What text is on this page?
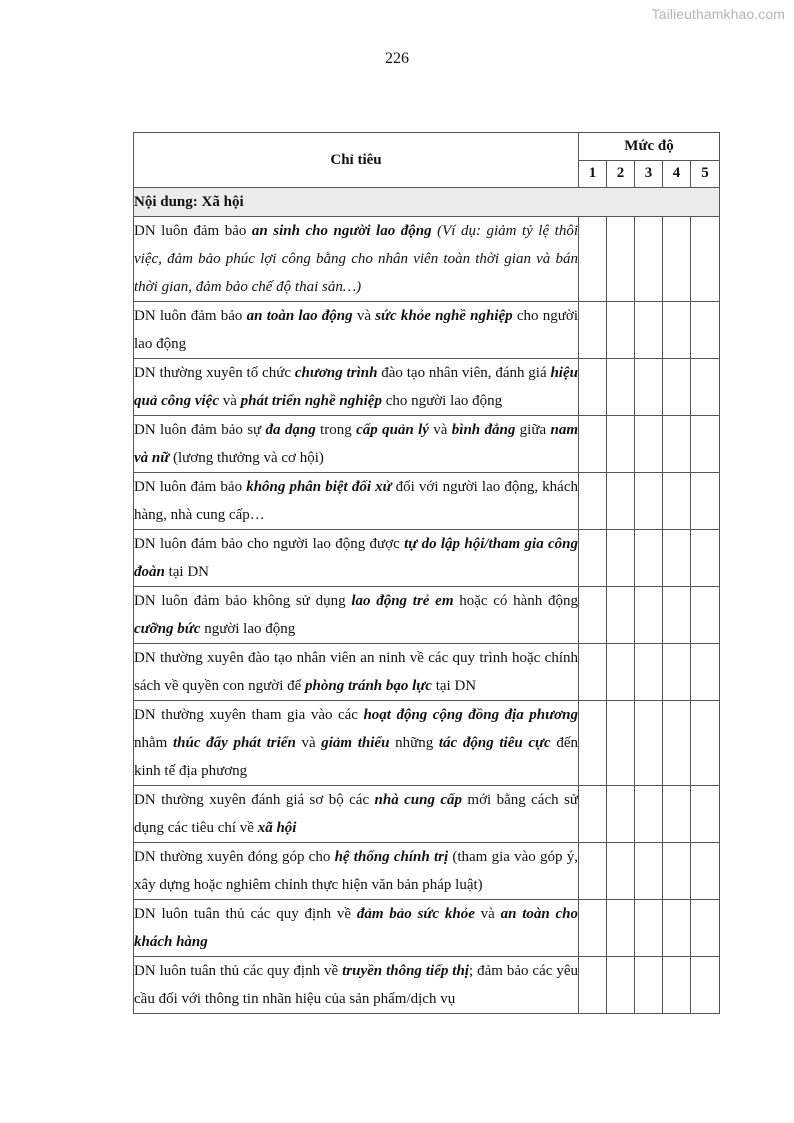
Tailieuthamkhao.com
226
Chỉ tiêu	Mức độ				
	1	2	3	4	5
Nội dung: Xã hội					
DN luôn đảm bảo an sinh cho người lao động (Ví dụ: giảm tỷ lệ thôi việc, đảm bảo phúc lợi công bằng cho nhân viên toàn thời gian và bán thời gian, đảm bảo chế độ thai sản…)					
DN luôn đảm bảo an toàn lao động và sức khỏe nghề nghiệp cho người lao động					
DN thường xuyên tổ chức chương trình đào tạo nhân viên, đánh giá hiệu quả công việc và phát triển nghề nghiệp cho người lao động					
DN luôn đảm bảo sự đa dạng trong cấp quản lý và bình đẳng giữa nam và nữ (lương thưởng và cơ hội)					
DN luôn đảm bảo không phân biệt đối xử đối với người lao động, khách hàng, nhà cung cấp…					
DN luôn đảm bảo cho người lao động được tự do lập hội/tham gia công đoàn tại DN					
DN luôn đảm bảo không sử dụng lao động trẻ em hoặc có hành động cưỡng bức người lao động					
DN thường xuyên đào tạo nhân viên an ninh về các quy trình hoặc chính sách về quyền con người để phòng tránh bạo lực tại DN					
DN thường xuyên tham gia vào các hoạt động cộng đồng địa phương nhằm thúc đẩy phát triển và giảm thiểu những tác động tiêu cực đến kinh tế địa phương					
DN thường xuyên đánh giá sơ bộ các nhà cung cấp mới bằng cách sử dụng các tiêu chí về xã hội					
DN thường xuyên đóng góp cho hệ thống chính trị (tham gia vào góp ý, xây dựng hoặc nghiêm chỉnh thực hiện văn bản pháp luật)					
DN luôn tuân thủ các quy định về đảm bảo sức khỏe và an toàn cho khách hàng					
DN luôn tuân thủ các quy định về truyền thông tiếp thị; đảm bảo các yêu cầu đối với thông tin nhãn hiệu của sản phẩm/dịch vụ					
